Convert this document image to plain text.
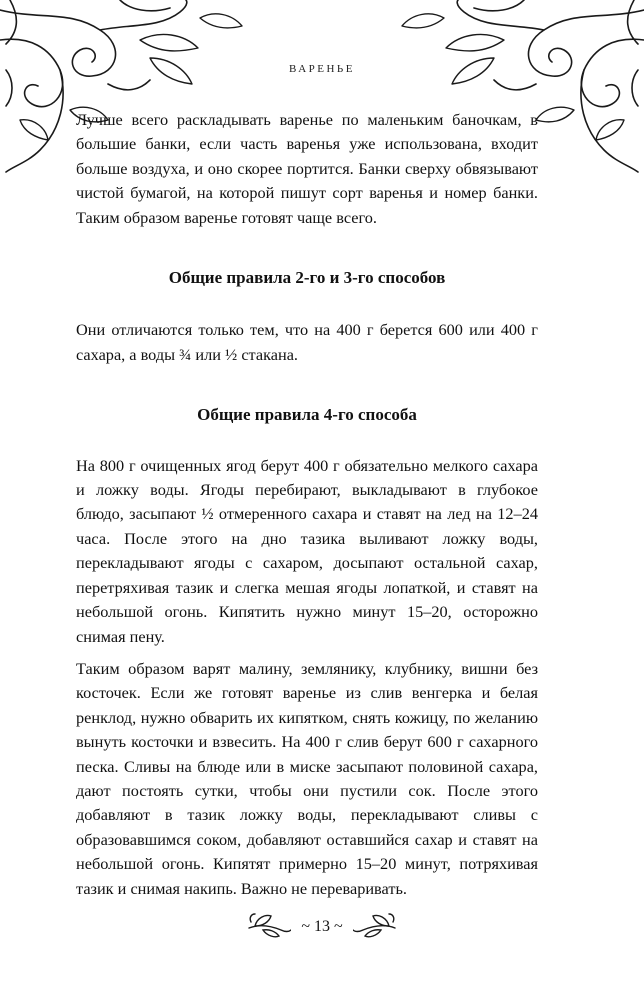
ВАРЕНЬЕ

Лучше всего раскладывать варенье по маленьким баночкам, в большие банки, если часть варенья уже использована, входит больше воздуха, и оно скорее портится. Банки сверху обвязывают чистой бумагой, на которой пишут сорт варенья и номер банки. Таким образом варенье готовят чаще всего.

Общие правила 2-го и 3-го способов

Они отличаются только тем, что на 400 г берется 600 или 400 г сахара, а воды ¾ или ½ стакана.

Общие правила 4-го способа

На 800 г очищенных ягод берут 400 г обязательно мелкого сахара и ложку воды. Ягоды перебирают, выкладывают в глубокое блюдо, засыпают ½ отмеренного сахара и ставят на лед на 12–24 часа. После этого на дно тазика выливают ложку воды, перекладывают ягоды с сахаром, досыпают остальной сахар, перетряхивая тазик и слегка мешая ягоды лопаткой, и ставят на небольшой огонь. Кипятить нужно минут 15–20, осторожно снимая пену.

Таким образом варят малину, землянику, клубнику, вишни без косточек. Если же готовят варенье из слив венгерка и белая ренклод, нужно обварить их кипятком, снять кожицу, по желанию вынуть косточки и взвесить. На 400 г слив берут 600 г сахарного песка. Сливы на блюде или в миске засыпают половиной сахара, дают постоять сутки, чтобы они пустили сок. После этого добавляют в тазик ложку воды, перекладывают сливы с образовавшимся соком, добавляют оставшийся сахар и ставят на небольшой огонь. Кипятят примерно 15–20 минут, потряхивая тазик и снимая накипь. Важно не переваривать.

~ 13 ~
